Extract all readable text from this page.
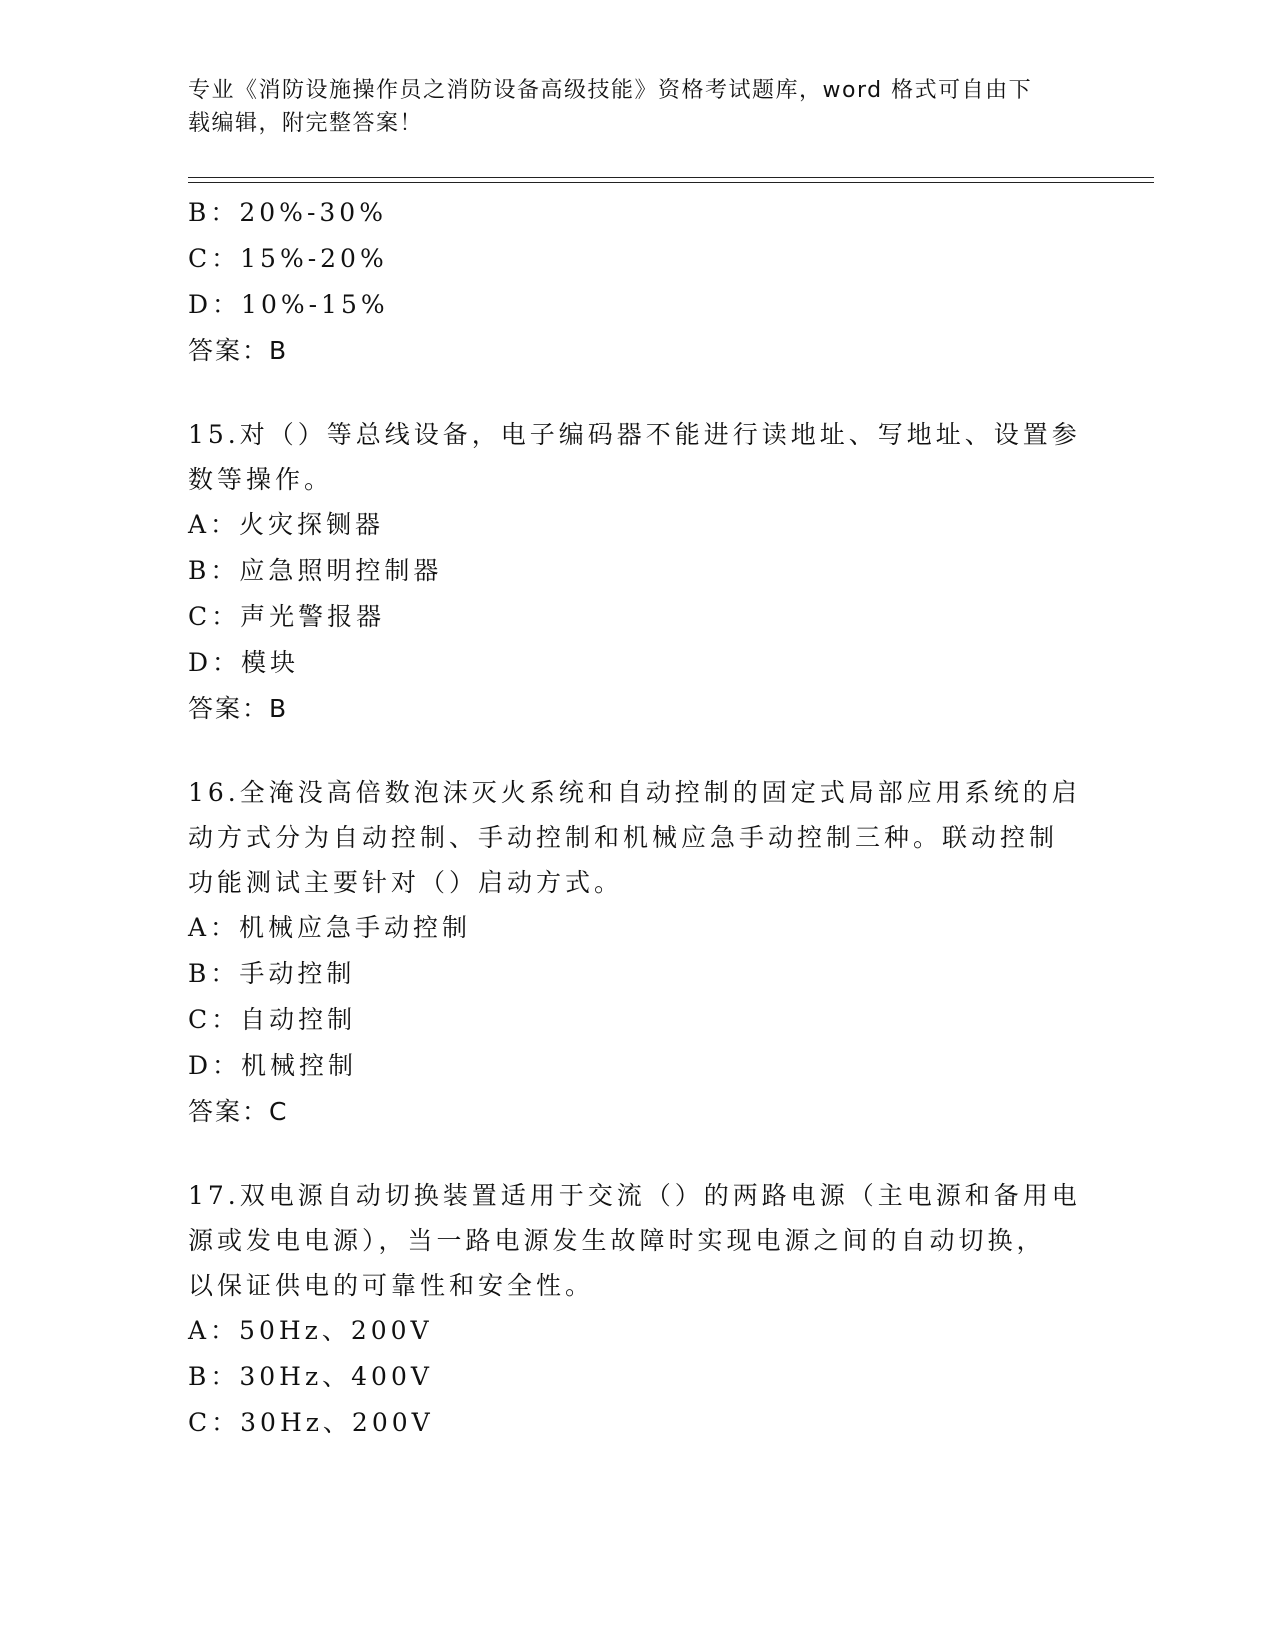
专业《消防设施操作员之消防设备高级技能》资格考试题库，word 格式可自由下
载编辑，附完整答案！
B：20%-30%
C：15%-20%
D：10%-15%
答案：B
15.对（）等总线设备，电子编码器不能进行读地址、写地址、设置参
数等操作。
A：火灾探铡器
B：应急照明控制器
C：声光警报器
D：模块
答案：B
16.全淹没高倍数泡沫灭火系统和自动控制的固定式局部应用系统的启
动方式分为自动控制、手动控制和机械应急手动控制三种。联动控制
功能测试主要针对（）启动方式。
A：机械应急手动控制
B：手动控制
C：自动控制
D：机械控制
答案：C
17.双电源自动切换装置适用于交流（）的两路电源（主电源和备用电
源或发电电源），当一路电源发生故障时实现电源之间的自动切换，
以保证供电的可靠性和安全性。
A：50Hz、200V
B：30Hz、400V
C：30Hz、200V
